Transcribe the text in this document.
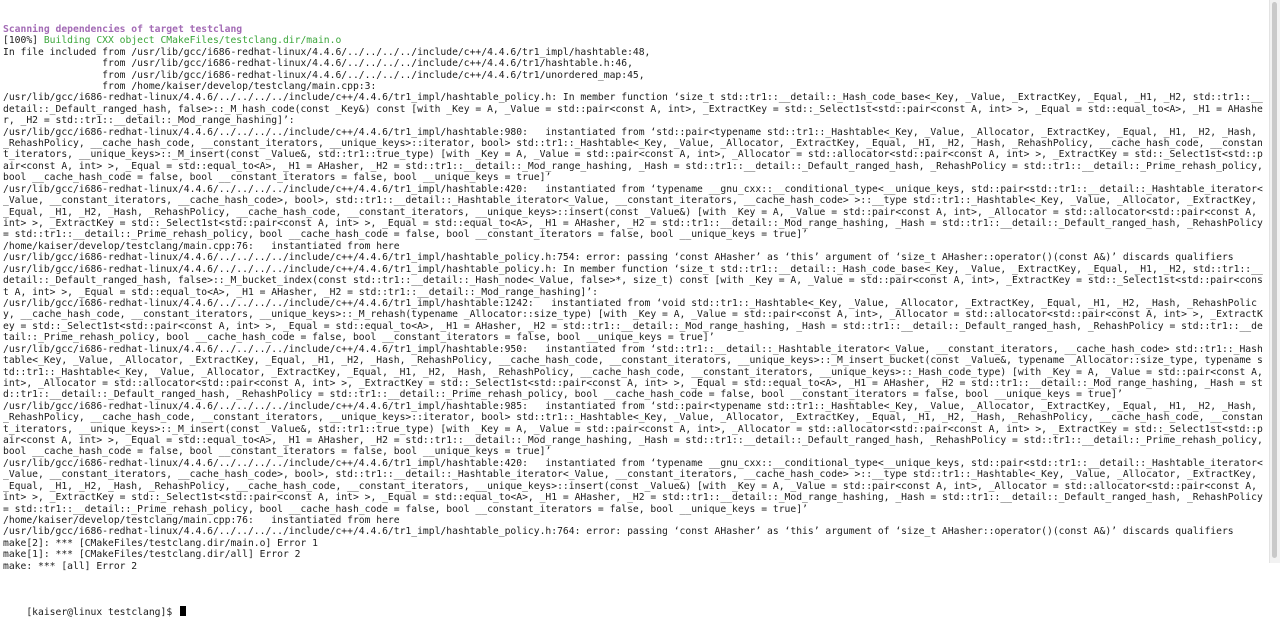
Scanning dependencies of target testclang
[100%] Building CXX object CMakeFiles/testclang.dir/main.o
In file included from /usr/lib/gcc/i686-redhat-linux/4.4.6/../../../../include/c++/4.4.6/tr1_impl/hashtable:48,
from /usr/lib/gcc/i686-redhat-linux/4.4.6/../../../../include/c++/4.4.6/tr1/hashtable.h:46,
from /usr/lib/gcc/i686-redhat-linux/4.4.6/../../../../include/c++/4.4.6/tr1/unordered_map:45,
from /home/kaiser/develop/testclang/main.cpp:3:
/usr/lib/gcc/i686-redhat-linux/4.4.6/../../../../include/c++/4.4.6/tr1_impl/hashtable_policy.h: In member function ‘size_t std::tr1::__detail::_Hash_code_base<_Key, _Value, _ExtractKey, _Equal, _H1, _H2, std::tr1::__detail::_Default_ranged_hash, false>::_M_hash_code(const _Key&) const [with _Key = A, _Value = std::pair<const A, int>, _ExtractKey = std::_Select1st<std::pair<const A, int> >, _Equal = std::equal_to<A>, _H1 = AHasher, _H2 = std::tr1::__detail::_Mod_range_hashing]’:
/usr/lib/gcc/i686-redhat-linux/4.4.6/../../../../include/c++/4.4.6/tr1_impl/hashtable:980:   instantiated from ‘std::pair<typename std::tr1::_Hashtable<_Key, _Value, _Allocator, _ExtractKey, _Equal, _H1, _H2, _Hash, _RehashPolicy, __cache_hash_code, __constant_iterators, __unique_keys>::iterator, bool> std::tr1::_Hashtable<_Key, _Value, _Allocator, _ExtractKey, _Equal, _H1, _H2, _Hash, _RehashPolicy, __cache_hash_code, __constant_iterators, __unique_keys>::_M_insert(const _Value&, std::tr1::true_type) [with _Key = A, _Value = std::pair<const A, int>, _Allocator = std::allocator<std::pair<const A, int> >, _ExtractKey = std::_Select1st<std::pair<const A, int> >, _Equal = std::equal_to<A>, _H1 = AHasher, _H2 = std::tr1::__detail::_Mod_range_hashing, _Hash = std::tr1::__detail::_Default_ranged_hash, _RehashPolicy = std::tr1::__detail::_Prime_rehash_policy, bool __cache_hash_code = false, bool __constant_iterators = false, bool __unique_keys = true]’
/usr/lib/gcc/i686-redhat-linux/4.4.6/../../../../include/c++/4.4.6/tr1_impl/hashtable:420:   instantiated from ‘typename __gnu_cxx::__conditional_type<__unique_keys, std::pair<std::tr1::__detail::_Hashtable_iterator<_Value, __constant_iterators, __cache_hash_code>, bool>, std::tr1::__detail::_Hashtable_iterator<_Value, __constant_iterators, __cache_hash_code> >::__type std::tr1::_Hashtable<_Key, _Value, _Allocator, _ExtractKey, _Equal, _H1, _H2, _Hash, _RehashPolicy, __cache_hash_code, __constant_iterators, __unique_keys>::insert(const _Value&) [with _Key = A, _Value = std::pair<const A, int>, _Allocator = std::allocator<std::pair<const A, int> >, _ExtractKey = std::_Select1st<std::pair<const A, int> >, _Equal = std::equal_to<A>, _H1 = AHasher, _H2 = std::tr1::__detail::_Mod_range_hashing, _Hash = std::tr1::__detail::_Default_ranged_hash, _RehashPolicy = std::tr1::__detail::_Prime_rehash_policy, bool __cache_hash_code = false, bool __constant_iterators = false, bool __unique_keys = true]’
/home/kaiser/develop/testclang/main.cpp:76:   instantiated from here
/usr/lib/gcc/i686-redhat-linux/4.4.6/../../../../include/c++/4.4.6/tr1_impl/hashtable_policy.h:754: error: passing ‘const AHasher’ as ‘this’ argument of ‘size_t AHasher::operator()(const A&)’ discards qualifiers
/usr/lib/gcc/i686-redhat-linux/4.4.6/../../../../include/c++/4.4.6/tr1_impl/hashtable_policy.h: In member function ‘size_t std::tr1::__detail::_Hash_code_base<_Key, _Value, _ExtractKey, _Equal, _H1, _H2, std::tr1::__detail::_Default_ranged_hash, false>::_M_bucket_index(const std::tr1::__detail::_Hash_node<_Value, false>*, size_t) const [with _Key = A, _Value = std::pair<const A, int>, _ExtractKey = std::_Select1st<std::pair<const A, int> >, _Equal = std::equal_to<A>, _H1 = AHasher, _H2 = std::tr1::__detail::_Mod_range_hashing]’:
/usr/lib/gcc/i686-redhat-linux/4.4.6/../../../../include/c++/4.4.6/tr1_impl/hashtable:1242:   instantiated from ‘void std::tr1::_Hashtable<_Key, _Value, _Allocator, _ExtractKey, _Equal, _H1, _H2, _Hash, _RehashPolicy, __cache_hash_code, __constant_iterators, __unique_keys>::_M_rehash(typename _Allocator::size_type) [with _Key = A, _Value = std::pair<const A, int>, _Allocator = std::allocator<std::pair<const A, int> >, _ExtractKey = std::_Select1st<std::pair<const A, int> >, _Equal = std::equal_to<A>, _H1 = AHasher, _H2 = std::tr1::__detail::_Mod_range_hashing, _Hash = std::tr1::__detail::_Default_ranged_hash, _RehashPolicy = std::tr1::__detail::_Prime_rehash_policy, bool __cache_hash_code = false, bool __constant_iterators = false, bool __unique_keys = true]’
/usr/lib/gcc/i686-redhat-linux/4.4.6/../../../../include/c++/4.4.6/tr1_impl/hashtable:950:   instantiated from ‘std::tr1::__detail::_Hashtable_iterator<_Value, __constant_iterators, __cache_hash_code> std::tr1::_Hashtable<_Key, _Value, _Allocator, _ExtractKey, _Equal, _H1, _H2, _Hash, _RehashPolicy, __cache_hash_code, __constant_iterators, __unique_keys>::_M_insert_bucket(const _Value&, typename _Allocator::size_type, typename std::tr1::_Hashtable<_Key, _Value, _Allocator, _ExtractKey, _Equal, _H1, _H2, _Hash, _RehashPolicy, __cache_hash_code, __constant_iterators, __unique_keys>::_Hash_code_type) [with _Key = A, _Value = std::pair<const A, int>, _Allocator = std::allocator<std::pair<const A, int> >, _ExtractKey = std::_Select1st<std::pair<const A, int> >, _Equal = std::equal_to<A>, _H1 = AHasher, _H2 = std::tr1::__detail::_Mod_range_hashing, _Hash = std::tr1::__detail::_Default_ranged_hash, _RehashPolicy = std::tr1::__detail::_Prime_rehash_policy, bool __cache_hash_code = false, bool __constant_iterators = false, bool __unique_keys = true]’
/usr/lib/gcc/i686-redhat-linux/4.4.6/../../../../include/c++/4.4.6/tr1_impl/hashtable:985:   instantiated from ‘std::pair<typename std::tr1::_Hashtable<_Key, _Value, _Allocator, _ExtractKey, _Equal, _H1, _H2, _Hash, _RehashPolicy, __cache_hash_code, __constant_iterators, __unique_keys>::iterator, bool> std::tr1::_Hashtable<_Key, _Value, _Allocator, _ExtractKey, _Equal, _H1, _H2, _Hash, _RehashPolicy, __cache_hash_code, __constant_iterators, __unique_keys>::_M_insert(const _Value&, std::tr1::true_type) [with _Key = A, _Value = std::pair<const A, int>, _Allocator = std::allocator<std::pair<const A, int> >, _ExtractKey = std::_Select1st<std::pair<const A, int> >, _Equal = std::equal_to<A>, _H1 = AHasher, _H2 = std::tr1::__detail::_Mod_range_hashing, _Hash = std::tr1::__detail::_Default_ranged_hash, _RehashPolicy = std::tr1::__detail::_Prime_rehash_policy, bool __cache_hash_code = false, bool __constant_iterators = false, bool __unique_keys = true]’
/usr/lib/gcc/i686-redhat-linux/4.4.6/../../../../include/c++/4.4.6/tr1_impl/hashtable:420:   instantiated from ‘typename __gnu_cxx::__conditional_type<__unique_keys, std::pair<std::tr1::__detail::_Hashtable_iterator<_Value, __constant_iterators, __cache_hash_code>, bool>, std::tr1::__detail::_Hashtable_iterator<_Value, __constant_iterators, __cache_hash_code> >::__type std::tr1::_Hashtable<_Key, _Value, _Allocator, _ExtractKey, _Equal, _H1, _H2, _Hash, _RehashPolicy, __cache_hash_code, __constant_iterators, __unique_keys>::insert(const _Value&) [with _Key = A, _Value = std::pair<const A, int>, _Allocator = std::allocator<std::pair<const A, int> >, _ExtractKey = std::_Select1st<std::pair<const A, int> >, _Equal = std::equal_to<A>, _H1 = AHasher, _H2 = std::tr1::__detail::_Mod_range_hashing, _Hash = std::tr1::__detail::_Default_ranged_hash, _RehashPolicy = std::tr1::__detail::_Prime_rehash_policy, bool __cache_hash_code = false, bool __constant_iterators = false, bool __unique_keys = true]’
/home/kaiser/develop/testclang/main.cpp:76:   instantiated from here
/usr/lib/gcc/i686-redhat-linux/4.4.6/../../../../include/c++/4.4.6/tr1_impl/hashtable_policy.h:764: error: passing ‘const AHasher’ as ‘this’ argument of ‘size_t AHasher::operator()(const A&)’ discards qualifiers
make[2]: *** [CMakeFiles/testclang.dir/main.o] Error 1
make[1]: *** [CMakeFiles/testclang.dir/all] Error 2
make: *** [all] Error 2

[kaiser@linux testclang]$
